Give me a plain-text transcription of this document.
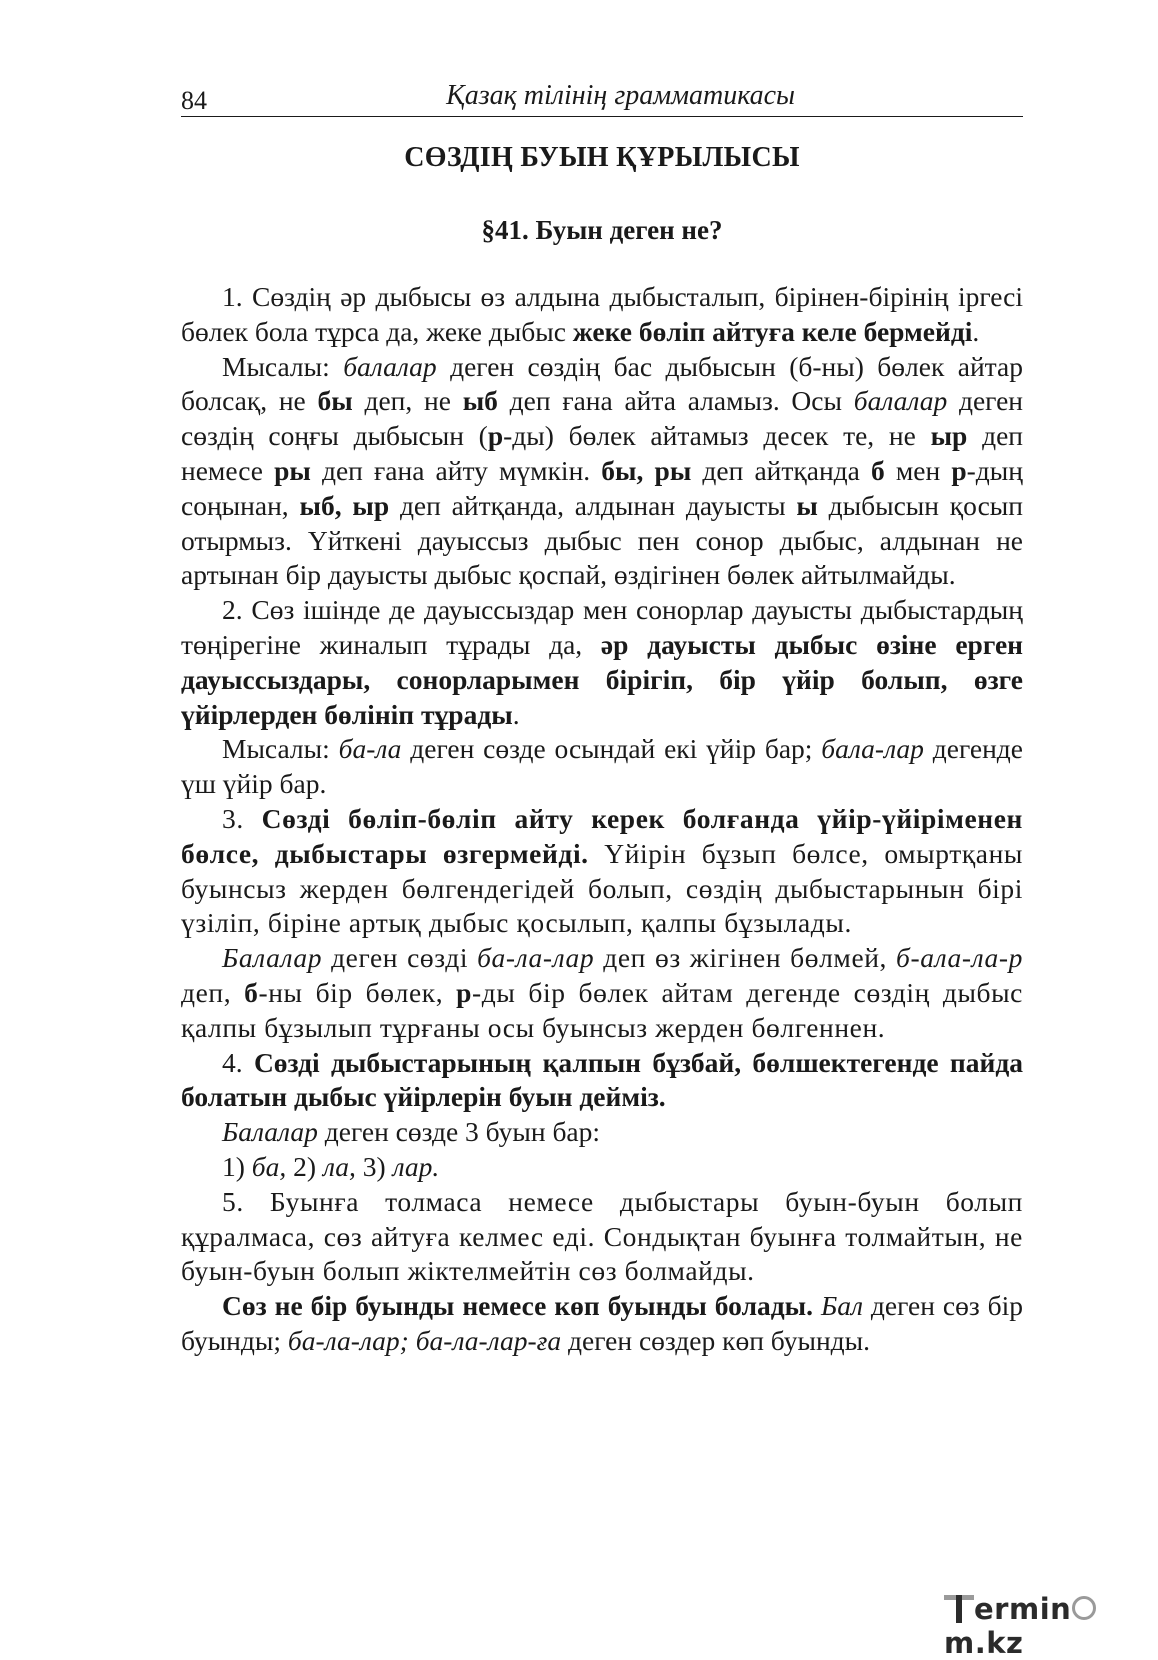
84	Қазақ тілінің грамматикасы
СӨЗДІҢ БУЫН ҚҰРЫЛЫСЫ
§41. Буын деген не?

1. Сөздің әр дыбысы өз алдына дыбысталып, бірінен-бірінің іргесі бөлек бола тұрса да, жеке дыбыс жеке бөліп айтуға келе бермейді.

Мысалы: балалар деген сөздің бас дыбысын (б-ны) бөлек айтар болсақ, не бы деп, не ыб деп ғана айта аламыз. Осы балалар деген сөздің соңғы дыбысын (р-ды) бөлек айтамыз десек те, не ыр деп немесе ры деп ғана айту мүмкін. бы, ры деп айтқанда б мен р-дың соңынан, ыб, ыр деп айтқанда, алдынан дауысты ы дыбысын қосып отырмыз. Үйткені дауыссыз дыбыс пен сонор дыбыс, алдынан не артынан бір дауысты дыбыс қоспай, өздігінен бөлек айтылмайды.

2. Сөз ішінде де дауыссыздар мен сонорлар дауысты дыбыстардың төңірегіне жиналып тұрады да, әр дауысты дыбыс өзіне ерген дауыссыздары, сонорларымен бірігіп, бір үйір болып, өзге үйірлерден бөлініп тұрады.

Мысалы: ба-ла деген сөзде осындай екі үйір бар; бала-лар дегенде үш үйір бар.

3. Сөзді бөліп-бөліп айту керек болғанда үйір-үйіріменен бөлсе, дыбыстары өзгермейді. Үйірін бұзып бөлсе, омыртқаны буынсыз жерден бөлгендегідей болып, сөздің дыбыстарынын бірі үзіліп, біріне артық дыбыс қосылып, қалпы бұзылады.

Балалар деген сөзді ба-ла-лар деп өз жігінен бөлмей, б-ала-ла-р деп, б-ны бір бөлек, р-ды бір бөлек айтам дегенде сөздің дыбыс қалпы бұзылып тұрғаны осы буынсыз жерден бөлгеннен.

4. Сөзді дыбыстарының қалпын бұзбай, бөлшектегенде пайда болатын дыбыс үйірлерін буын дейміз.

Балалар деген сөзде 3 буын бар:

1) ба, 2) ла, 3) лар.

5. Буынға толмаса немесе дыбыстары буын-буын болып құралмаса, сөз айтуға келмес еді. Сондықтан буынға толмайтын, не буын-буын болып жіктелмейтін сөз болмайды.

Сөз не бір буынды немесе көп буынды болады. Бал деген сөз бір буынды; ба-ла-лар; ба-ла-лар-ға деген сөздер көп буынды.

erminm.kz
